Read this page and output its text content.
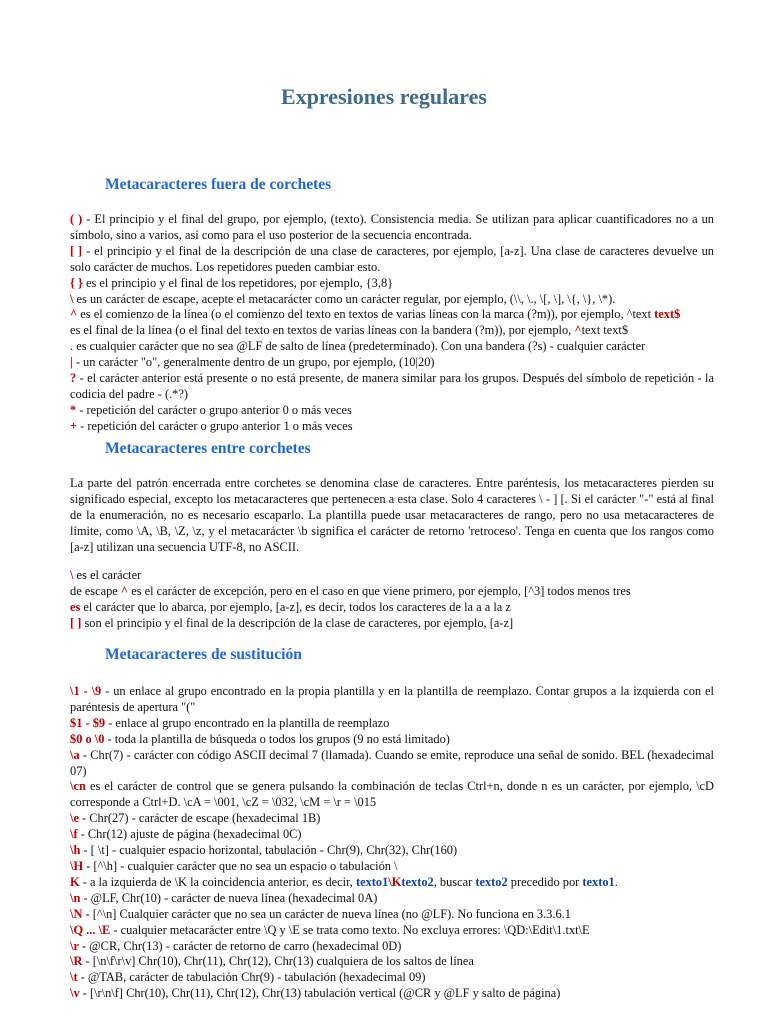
Expresiones regulares
Metacaracteres fuera de corchetes

( ) - El principio y el final del grupo, por ejemplo, (texto). Consistencia media. Se utilizan para aplicar cuantificadores no a un símbolo, sino a varios, así como para el uso posterior de la secuencia encontrada.

[ ] - el principio y el final de la descripción de una clase de caracteres, por ejemplo, [a-z]. Una clase de caracteres devuelve un solo carácter de muchos. Los repetidores pueden cambiar esto.

{ } es el principio y el final de los repetidores, por ejemplo, {3,8}

\ es un carácter de escape, acepte el metacarácter como un carácter regular, por ejemplo, (\\, \., \[, \], \{, \}, \*).

^ es el comienzo de la línea (o el comienzo del texto en textos de varias líneas con la marca (?m)), por ejemplo, ^text text$

es el final de la línea (o el final del texto en textos de varias líneas con la bandera (?m)), por ejemplo, ^text text$

. es cualquier carácter que no sea @LF de salto de línea (predeterminado). Con una bandera (?s) - cualquier carácter

| - un carácter "o", generalmente dentro de un grupo, por ejemplo, (10|20)

? - el carácter anterior está presente o no está presente, de manera similar para los grupos. Después del símbolo de repetición - la codicia del padre - (.*?)

* - repetición del carácter o grupo anterior 0 o más veces

+ - repetición del carácter o grupo anterior 1 o más veces

Metacaracteres entre corchetes

La parte del patrón encerrada entre corchetes se denomina clase de caracteres. Entre paréntesis, los metacaracteres pierden su significado especial, excepto los metacaracteres que pertenecen a esta clase. Solo 4 caracteres \ - ] [. Si el carácter "-" está al final de la enumeración, no es necesario escaparlo. La plantilla puede usar metacaracteres de rango, pero no usa metacaracteres de límite, como \A, \B, \Z, \z, y el metacarácter \b significa el carácter de retorno 'retroceso'. Tenga en cuenta que los rangos como [a-z] utilizan una secuencia UTF-8, no ASCII.

\ es el carácter

de escape ^ es el carácter de excepción, pero en el caso en que viene primero, por ejemplo, [^3] todos menos tres

es el carácter que lo abarca, por ejemplo, [a-z], es decir, todos los caracteres de la a a la z

[ ] son el principio y el final de la descripción de la clase de caracteres, por ejemplo, [a-z]

Metacaracteres de sustitución

\1 - \9 - un enlace al grupo encontrado en la propia plantilla y en la plantilla de reemplazo. Contar grupos a la izquierda con el paréntesis de apertura "("

$1 - $9 - enlace al grupo encontrado en la plantilla de reemplazo

$0 o \0 - toda la plantilla de búsqueda o todos los grupos (9 no está limitado)

\a - Chr(7) - carácter con código ASCII decimal 7 (llamada). Cuando se emite, reproduce una señal de sonido. BEL (hexadecimal 07)

\cn es el carácter de control que se genera pulsando la combinación de teclas Ctrl+n, donde n es un carácter, por ejemplo, \cD corresponde a Ctrl+D. \cA = \001, \cZ = \032, \cM = \r = \015

\e - Chr(27) - carácter de escape (hexadecimal 1B)

\f - Chr(12) ajuste de página (hexadecimal 0C)

\h - [ \t] - cualquier espacio horizontal, tabulación - Chr(9), Chr(32), Chr(160)

\H - [^\h] - cualquier carácter que no sea un espacio o tabulación \

K - a la izquierda de \K la coincidencia anterior, es decir, texto1\Ktexto2, buscar texto2 precedido por texto1.

\n - @LF, Chr(10) - carácter de nueva línea (hexadecimal 0A)

\N - [^\n] Cualquier carácter que no sea un carácter de nueva línea (no @LF). No funciona en 3.3.6.1

\Q ... \E - cualquier metacarácter entre \Q y \E se trata como texto. No excluya errores: \QD:\Edit\1.txt\E

\r - @CR, Chr(13) - carácter de retorno de carro (hexadecimal 0D)

\R - [\n\f\r\v] Chr(10), Chr(11), Chr(12), Chr(13) cualquiera de los saltos de línea

\t - @TAB, carácter de tabulación Chr(9) - tabulación (hexadecimal 09)

\v - [\r\n\f] Chr(10), Chr(11), Chr(12), Chr(13) tabulación vertical (@CR y @LF y salto de página)
